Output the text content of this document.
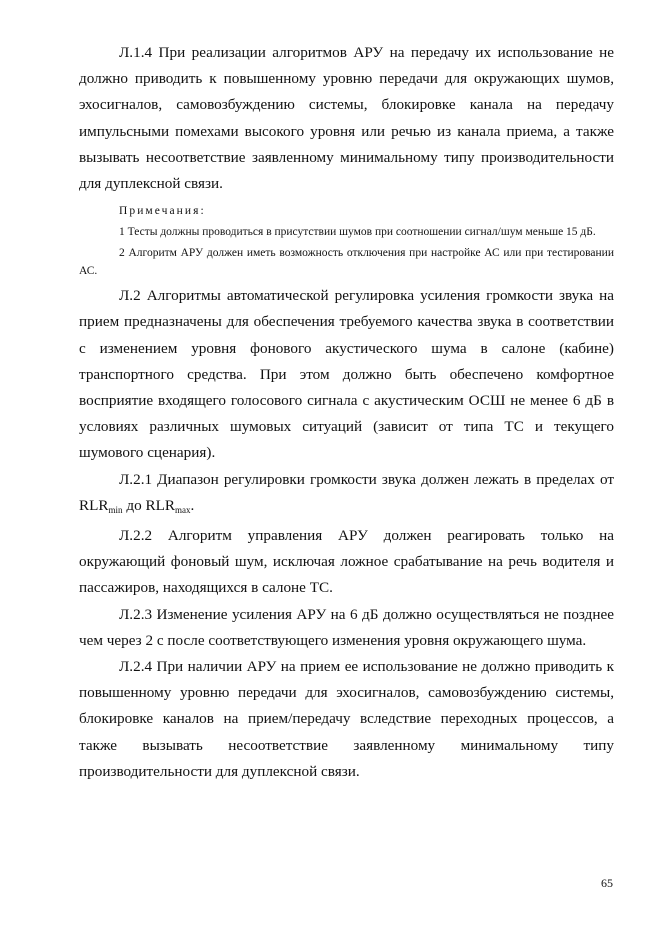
Л.1.4 При реализации алгоритмов АРУ на передачу их использование не должно приводить к повышенному уровню передачи для окружающих шумов, эхосигналов, самовозбуждению системы, блокировке канала на передачу импульсными помехами высокого уровня или речью из канала приема, а также вызывать несоответствие заявленному минимальному типу производительности для дуплексной связи.

Примечания:

1 Тесты должны проводиться в присутствии шумов при соотношении сигнал/шум меньше 15 дБ.

2 Алгоритм АРУ должен иметь возможность отключения при настройке АС или при тестировании АС.

Л.2 Алгоритмы автоматической регулировка усиления громкости звука на прием предназначены для обеспечения требуемого качества звука в соответствии с изменением уровня фонового акустического шума в салоне (кабине) транспортного средства. При этом должно быть обеспечено комфортное восприятие входящего голосового сигнала с акустическим ОСШ не менее 6 дБ в условиях различных шумовых ситуаций (зависит от типа ТС и текущего шумового сценария).

Л.2.1 Диапазон регулировки громкости звука должен лежать в пределах от $RLR_{min}$ до $RLR_{max}$.

Л.2.2 Алгоритм управления АРУ должен реагировать только на окружающий фоновый шум, исключая ложное срабатывание на речь водителя и пассажиров, находящихся в салоне ТС.

Л.2.3 Изменение усиления АРУ на 6 дБ должно осуществляться не позднее чем через 2 с после соответствующего изменения уровня окружающего шума.

Л.2.4 При наличии АРУ на прием ее использование не должно приводить к повышенному уровню передачи для эхосигналов, самовозбуждению системы, блокировке каналов на прием/передачу вследствие переходных процессов, а также вызывать несоответствие заявленному минимальному типу производительности для дуплексной связи.

65
